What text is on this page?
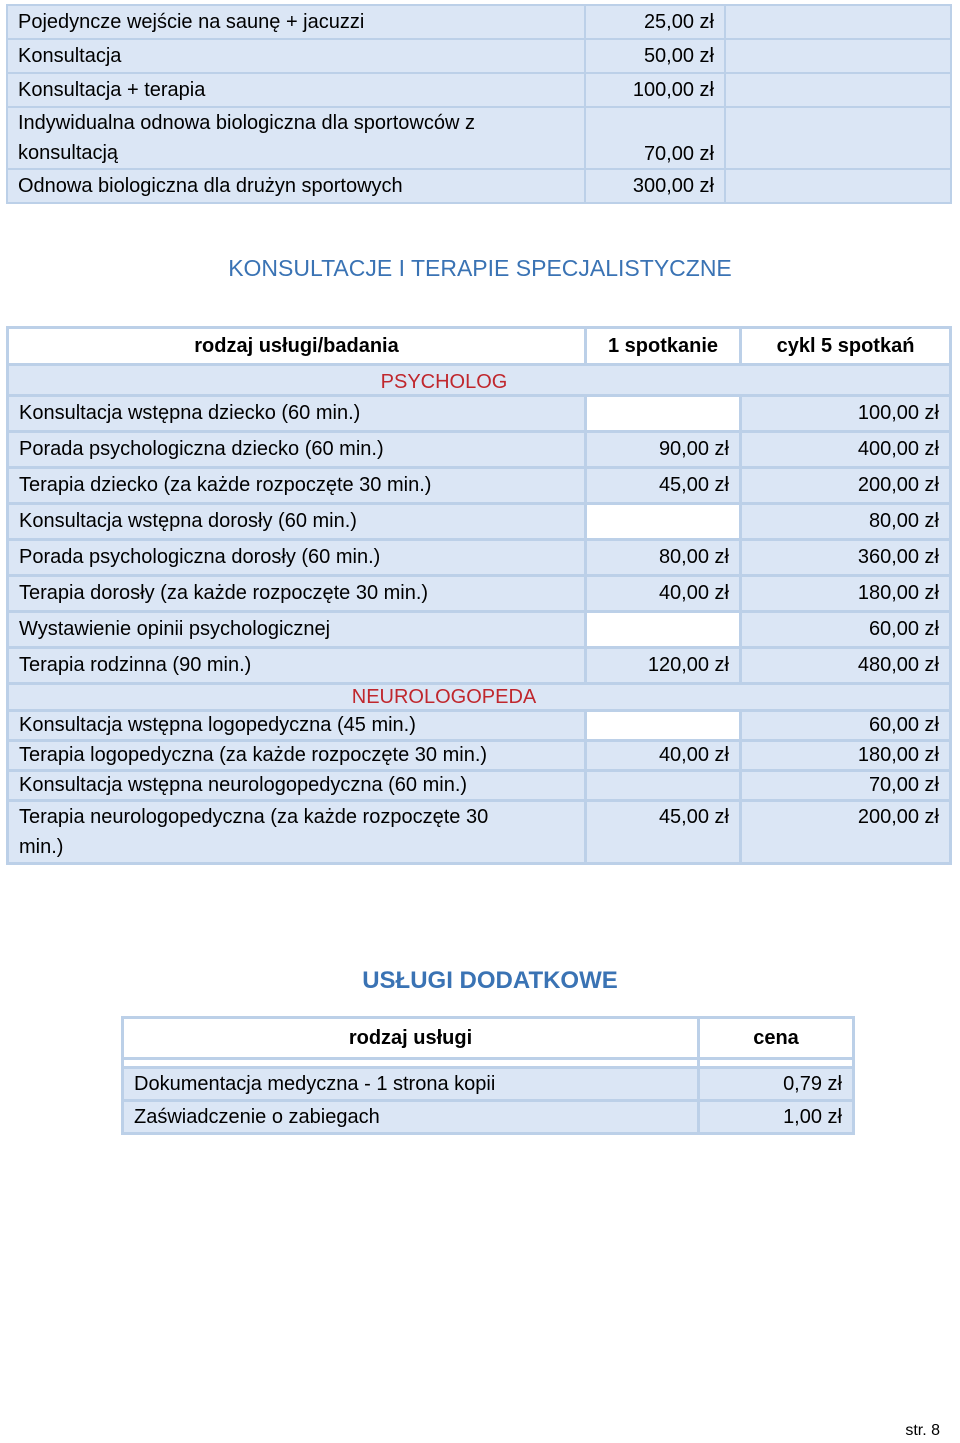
Pojedyncze wejście na saunę + jacuzzi	25,00 zł	
Konsultacja	50,00 zł	
Konsultacja + terapia	100,00 zł	
Indywidualna odnowa biologiczna dla sportowców z konsultacją	70,00 zł	
Odnowa biologiczna dla drużyn sportowych	300,00 zł	
KONSULTACJE I TERAPIE SPECJALISTYCZNE
rodzaj usługi/badania	1 spotkanie	cykl 5 spotkań
PSYCHOLOG		
Konsultacja wstępna dziecko (60 min.)		100,00 zł
Porada psychologiczna dziecko (60 min.)	90,00 zł	400,00 zł
Terapia dziecko (za każde rozpoczęte 30 min.)	45,00 zł	200,00 zł
Konsultacja wstępna dorosły (60 min.)		80,00 zł
Porada psychologiczna dorosły (60 min.)	80,00 zł	360,00 zł
Terapia dorosły (za każde rozpoczęte 30 min.)	40,00 zł	180,00 zł
Wystawienie opinii psychologicznej		60,00 zł
Terapia rodzinna (90 min.)	120,00 zł	480,00 zł
NEUROLOGOPEDA		
Konsultacja wstępna logopedyczna (45 min.)		60,00 zł
Terapia logopedyczna (za każde rozpoczęte 30 min.)	40,00 zł	180,00 zł
Konsultacja wstępna neurologopedyczna (60 min.)		70,00 zł
Terapia neurologopedyczna (za każde rozpoczęte 30 min.)	45,00 zł	200,00 zł
USŁUGI DODATKOWE
rodzaj usługi	cena

Dokumentacja medyczna - 1 strona kopii	0,79 zł
Zaświadczenie o zabiegach	1,00 zł
str. 8
